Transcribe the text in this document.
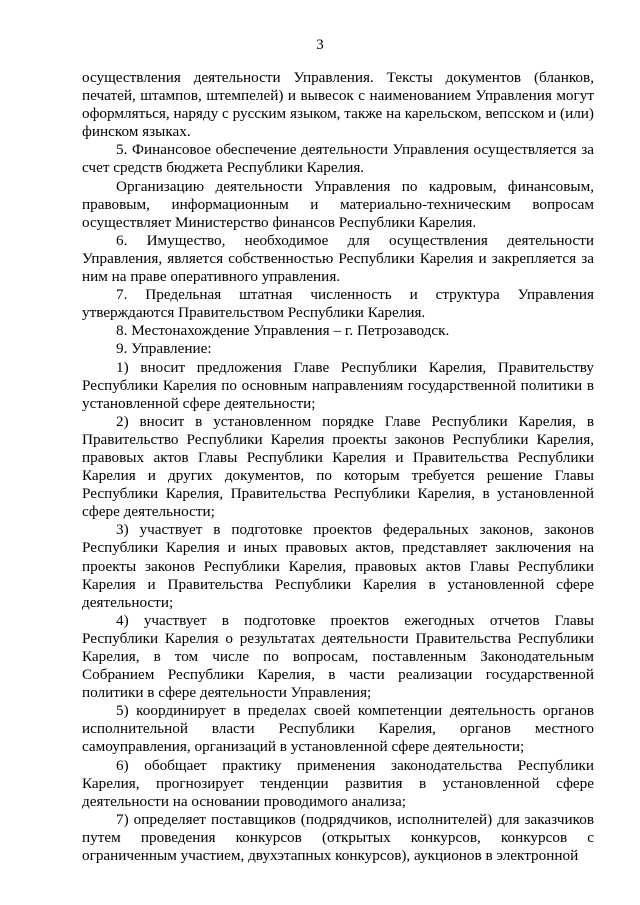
3

осуществления деятельности Управления. Тексты документов (бланков, печатей, штампов, штемпелей) и вывесок с наименованием Управления могут оформляться, наряду с русским языком, также на карельском, вепсском и (или) финском языках.

5. Финансовое обеспечение деятельности Управления осуществляется за счет средств бюджета Республики Карелия.

Организацию деятельности Управления по кадровым, финансовым, правовым, информационным и материально-техническим вопросам осуществляет Министерство финансов Республики Карелия.

6. Имущество, необходимое для осуществления деятельности Управления, является собственностью Республики Карелия и закрепляется за ним на праве оперативного управления.

7. Предельная штатная численность и структура Управления утверждаются Правительством Республики Карелия.

8. Местонахождение Управления – г. Петрозаводск.

9. Управление:

1) вносит предложения Главе Республики Карелия, Правительству Республики Карелия по основным направлениям государственной политики в установленной сфере деятельности;

2) вносит в установленном порядке Главе Республики Карелия, в Правительство Республики Карелия проекты законов Республики Карелия, правовых актов Главы Республики Карелия и Правительства Республики Карелия и других документов, по которым требуется решение Главы Республики Карелия, Правительства Республики Карелия, в установленной сфере деятельности;

3) участвует в подготовке проектов федеральных законов, законов Республики Карелия и иных правовых актов, представляет заключения на проекты законов Республики Карелия, правовых актов Главы Республики Карелия и Правительства Республики Карелия в установленной сфере деятельности;

4) участвует в подготовке проектов ежегодных отчетов Главы Республики Карелия о результатах деятельности Правительства Республики Карелия, в том числе по вопросам, поставленным Законодательным Собранием Республики Карелия, в части реализации государственной политики в сфере деятельности Управления;

5) координирует в пределах своей компетенции деятельность органов исполнительной власти Республики Карелия, органов местного самоуправления, организаций в установленной сфере деятельности;

6) обобщает практику применения законодательства Республики Карелия, прогнозирует тенденции развития в установленной сфере деятельности на основании проводимого анализа;

7) определяет поставщиков (подрядчиков, исполнителей) для заказчиков путем проведения конкурсов (открытых конкурсов, конкурсов с ограниченным участием, двухэтапных конкурсов), аукционов в электронной
